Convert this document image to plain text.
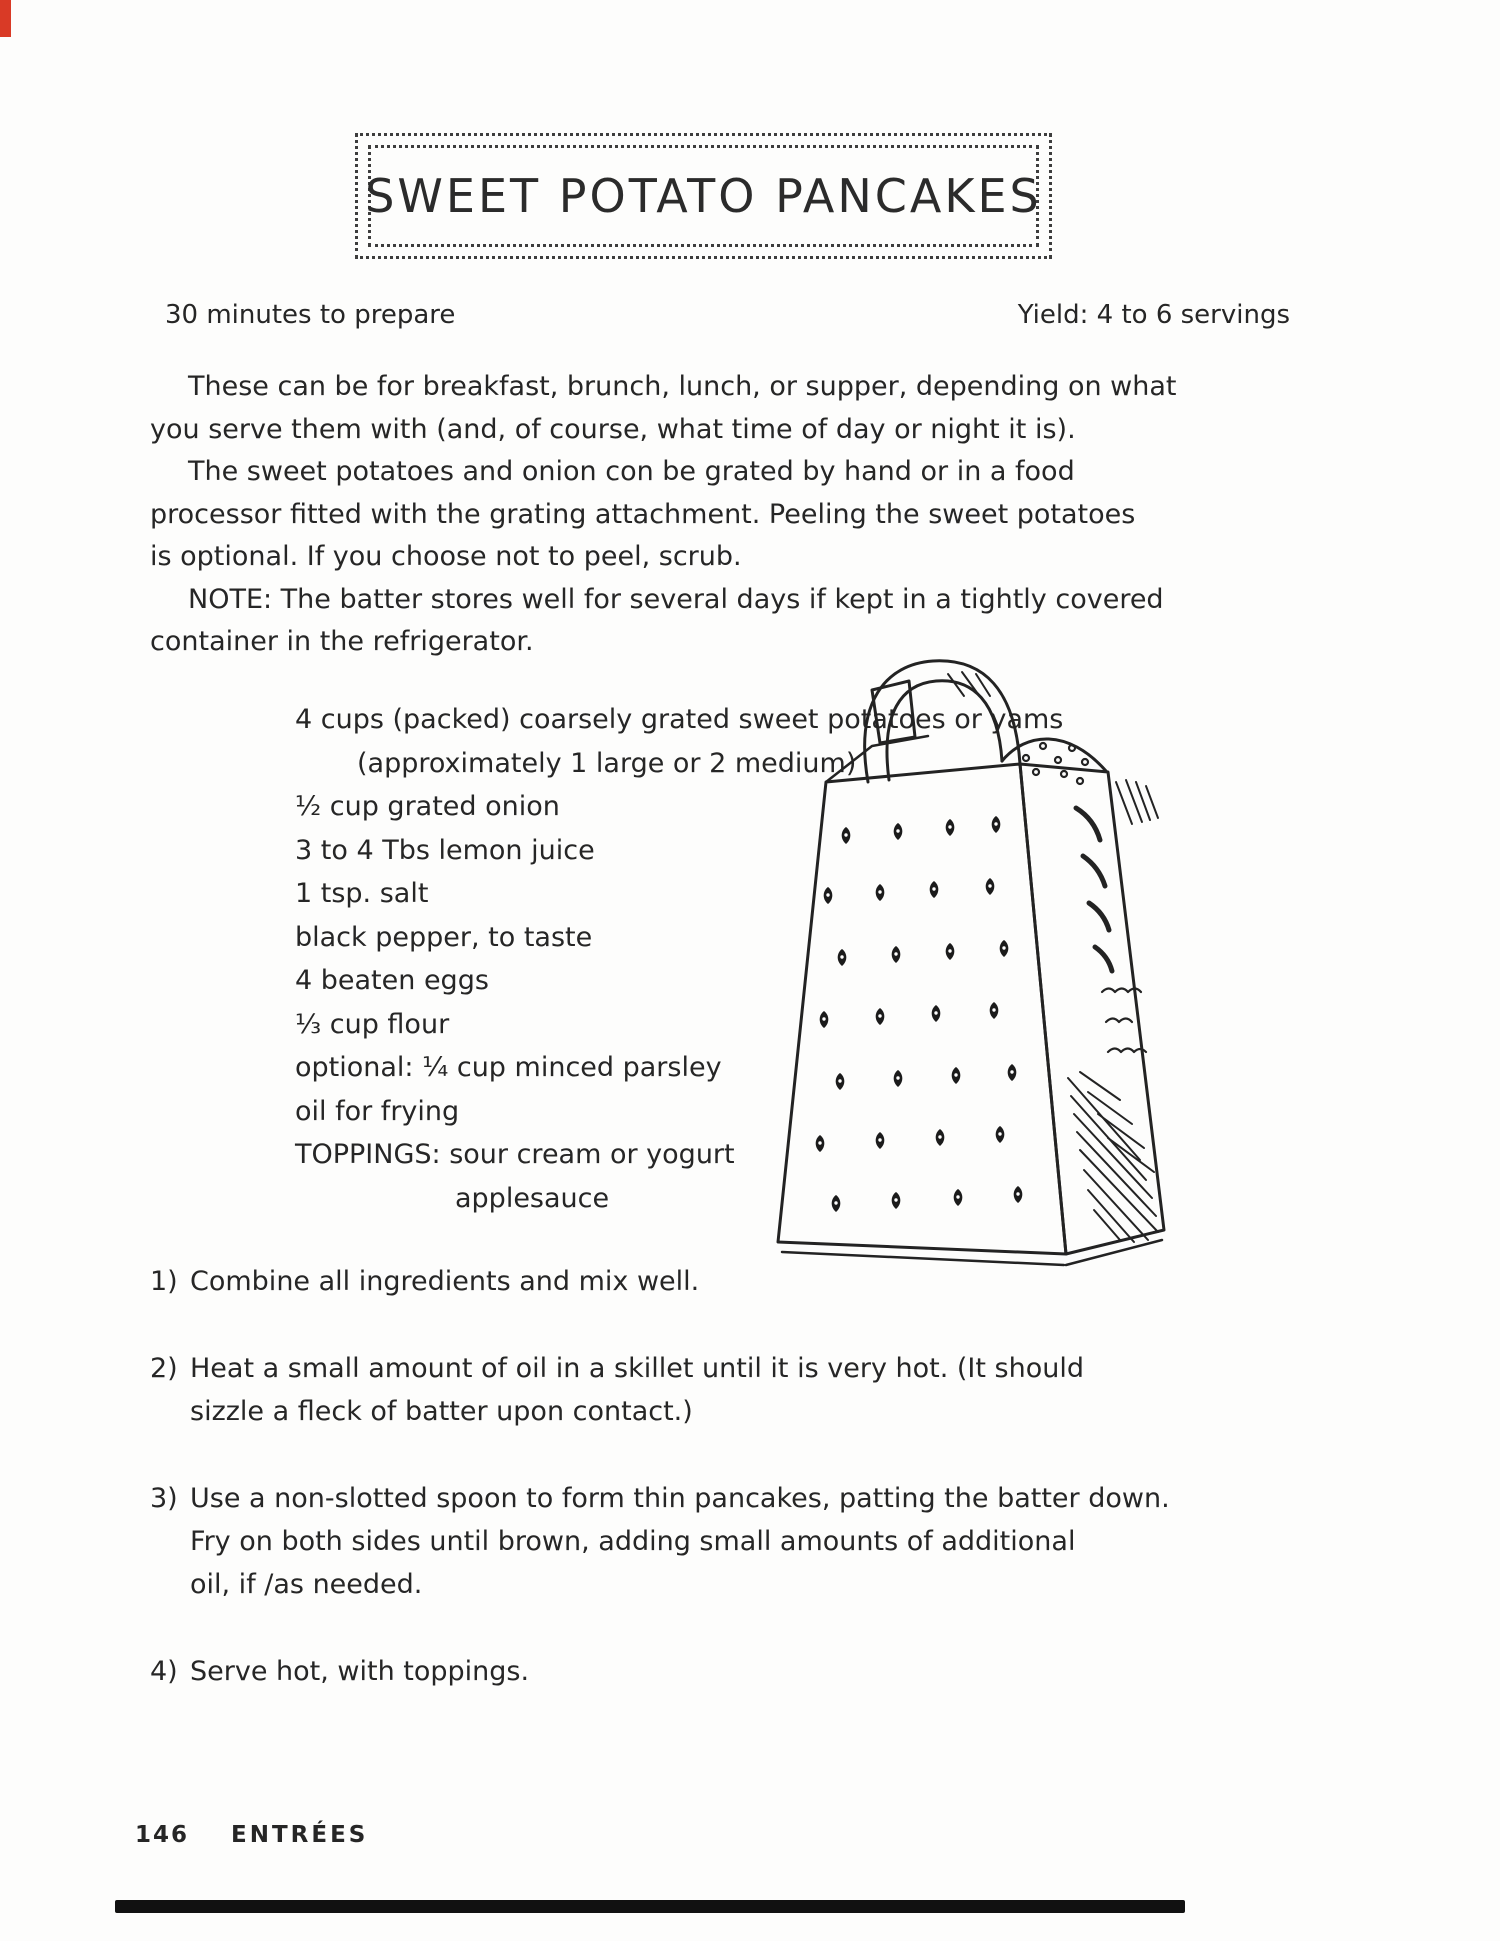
SWEET POTATO PANCAKES
30 minutes to prepare	Yield: 4 to 6 servings
These can be for breakfast, brunch, lunch, or supper, depending on what
you serve them with (and, of course, what time of day or night it is).
The sweet potatoes and onion con be grated by hand or in a food
processor fitted with the grating attachment. Peeling the sweet potatoes
is optional. If you choose not to peel, scrub.
NOTE: The batter stores well for several days if kept in a tightly covered
container in the refrigerator.
4 cups (packed) coarsely grated sweet potatoes or yams
(approximately 1 large or 2 medium)
½ cup grated onion
3 to 4 Tbs lemon juice
1 tsp. salt
black pepper, to taste
4 beaten eggs
⅓ cup flour
optional: ¼ cup minced parsley
oil for frying
TOPPINGS: sour cream or yogurt
applesauce
1) Combine all ingredients and mix well.
2) Heat a small amount of oil in a skillet until it is very hot. (It should
sizzle a fleck of batter upon contact.)
3) Use a non-slotted spoon to form thin pancakes, patting the batter down.
Fry on both sides until brown, adding small amounts of additional
oil, if /as needed.
4) Serve hot, with toppings.
146 ENTRÉES
